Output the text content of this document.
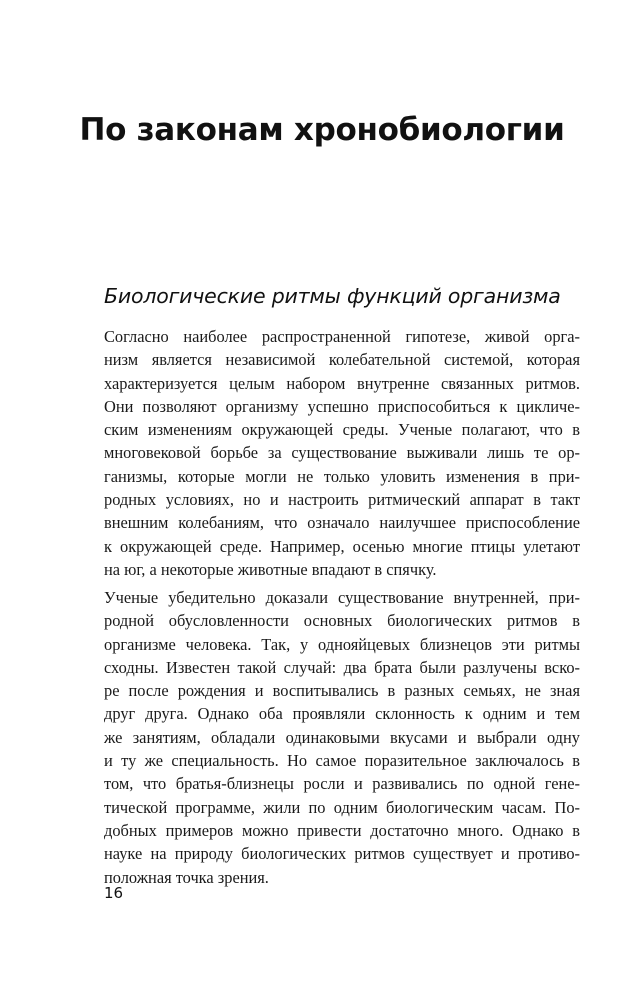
По законам хронобиологии
Биологические ритмы функций организма
Согласно наиболее распространенной гипотезе, живой орга-
низм является независимой колебательной системой, которая
характеризуется целым набором внутренне связанных ритмов.
Они позволяют организму успешно приспособиться к цикличе-
ским изменениям окружающей среды. Ученые полагают, что в
многовековой борьбе за существование выживали лишь те ор-
ганизмы, которые могли не только уловить изменения в при-
родных условиях, но и настроить ритмический аппарат в такт
внешним колебаниям, что означало наилучшее приспособление
к окружающей среде. Например, осенью многие птицы улетают
на юг, а некоторые животные впадают в спячку.
Ученые убедительно доказали существование внутренней, при-
родной обусловленности основных биологических ритмов в
организме человека. Так, у однояйцевых близнецов эти ритмы
сходны. Известен такой случай: два брата были разлучены вско-
ре после рождения и воспитывались в разных семьях, не зная
друг друга. Однако оба проявляли склонность к одним и тем
же занятиям, обладали одинаковыми вкусами и выбрали одну
и ту же специальность. Но самое поразительное заключалось в
том, что братья-близнецы росли и развивались по одной гене-
тической программе, жили по одним биологическим часам. По-
добных примеров можно привести достаточно много. Однако в
науке на природу биологических ритмов существует и противо-
положная точка зрения.
16
